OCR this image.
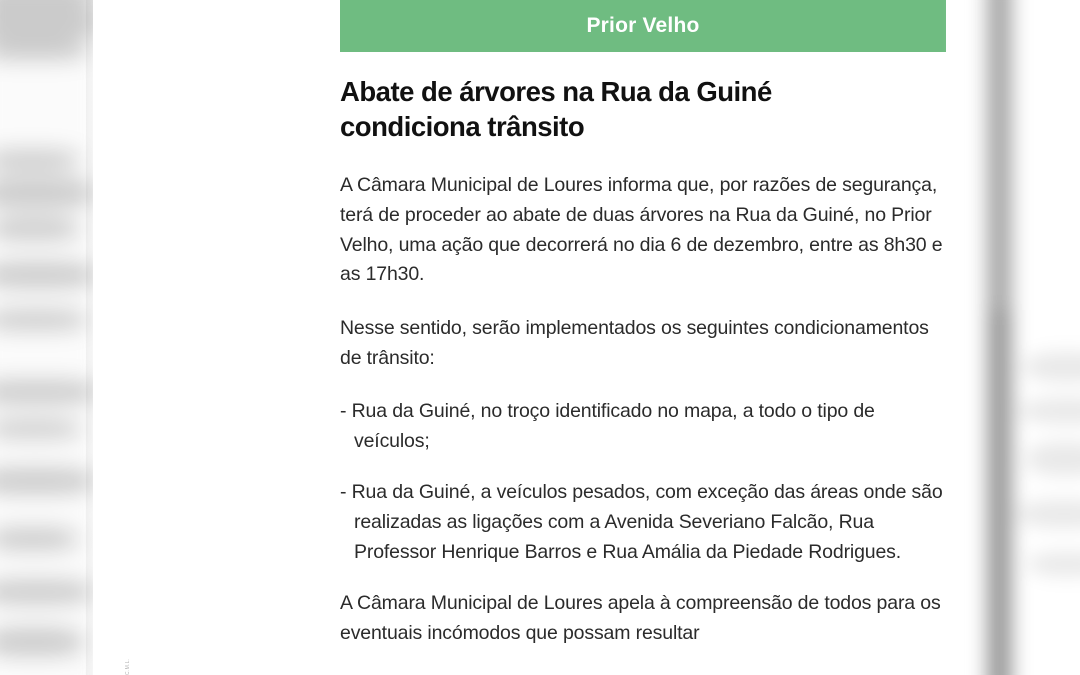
Prior Velho
Abate de árvores na Rua da Guiné condiciona trânsito

A Câmara Municipal de Loures informa que, por razões de segurança, terá de proceder ao abate de duas árvores na Rua da Guiné, no Prior Velho, uma ação que decorrerá no dia 6 de dezembro, entre as 8h30 e as 17h30.

Nesse sentido, serão implementados os seguintes condicionamentos de trânsito:

- Rua da Guiné, no troço identificado no mapa, a todo o tipo de veículos;

- Rua da Guiné, a veículos pesados, com exceção das áreas onde são realizadas as ligações com a Avenida Severiano Falcão, Rua Professor Henrique Barros e Rua Amália da Piedade Rodrigues.

A Câmara Municipal de Loures apela à compreensão de todos para os eventuais incómodos que possam resultar

C.M.L.
